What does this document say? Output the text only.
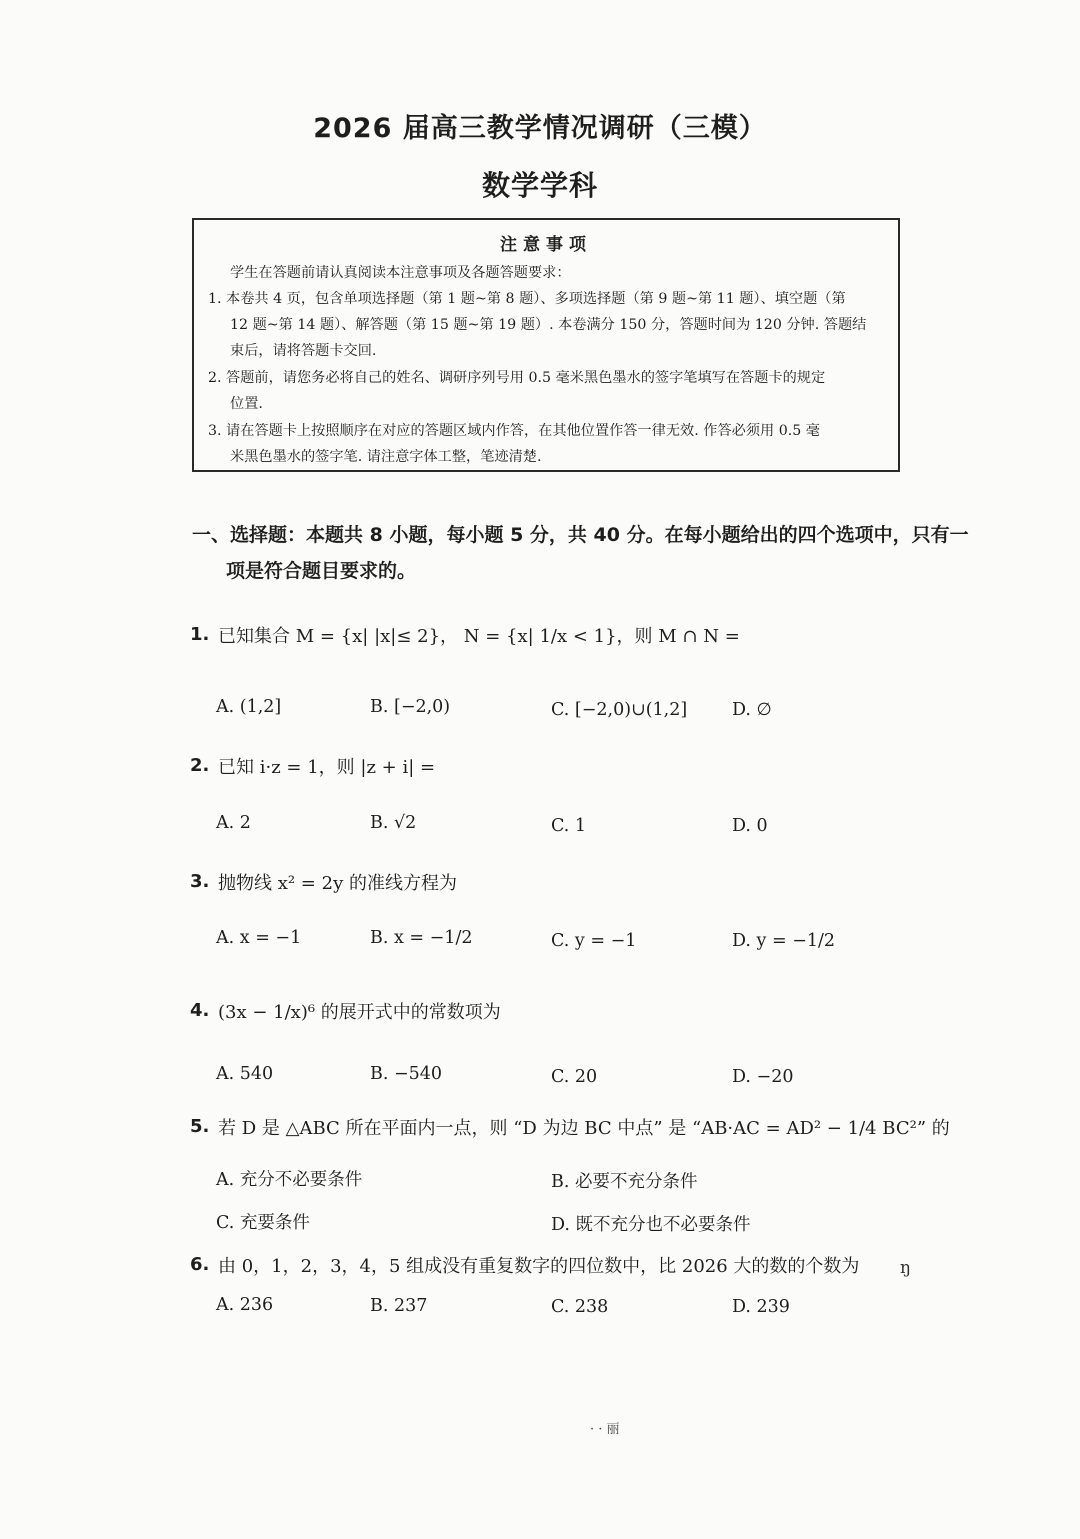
2026 届高三教学情况调研（三模）
数学学科
注意事项
学生在答题前请认真阅读本注意事项及各题答题要求：
1. 本卷共 4 页，包含单项选择题（第 1 题~第 8 题）、多项选择题（第 9 题~第 11 题）、填空题（第
12 题~第 14 题）、解答题（第 15 题~第 19 题）. 本卷满分 150 分，答题时间为 120 分钟. 答题结
束后，请将答题卡交回.
2. 答题前，请您务必将自己的姓名、调研序列号用 0.5 毫米黑色墨水的签字笔填写在答题卡的规定
位置.
3. 请在答题卡上按照顺序在对应的答题区域内作答，在其他位置作答一律无效. 作答必须用 0.5 毫
米黑色墨水的签字笔. 请注意字体工整，笔迹清楚.
一、选择题：本题共 8 小题，每小题 5 分，共 40 分。在每小题给出的四个选项中，只有一
项是符合题目要求的。
1. 已知集合 M = {x| |x|≤ 2}， N = {x| 1/x < 1}，则 M ∩ N =
A. (1,2]	B. [−2,0)	C. [−2,0)∪(1,2]	D. ∅
2. 已知 i·z = 1，则 |z + i| =
A. 2	B. √2	C. 1	D. 0
3. 抛物线 x² = 2y 的准线方程为
A. x = −1	B. x = −1/2	C. y = −1	D. y = −1/2
4. (3x − 1/x)⁶ 的展开式中的常数项为
A. 540	B. −540	C. 20	D. −20
5. 若 D 是 △ABC 所在平面内一点，则 “D 为边 BC 中点” 是 “AB·AC = AD² − 1/4 BC²” 的
A. 充分不必要条件	B. 必要不充分条件
C. 充要条件	D. 既不充分也不必要条件
6. 由 0，1，2，3，4，5 组成没有重复数字的四位数中，比 2026 大的数的个数为
A. 236	B. 237	C. 238	D. 239
ŋ
· · 丽
